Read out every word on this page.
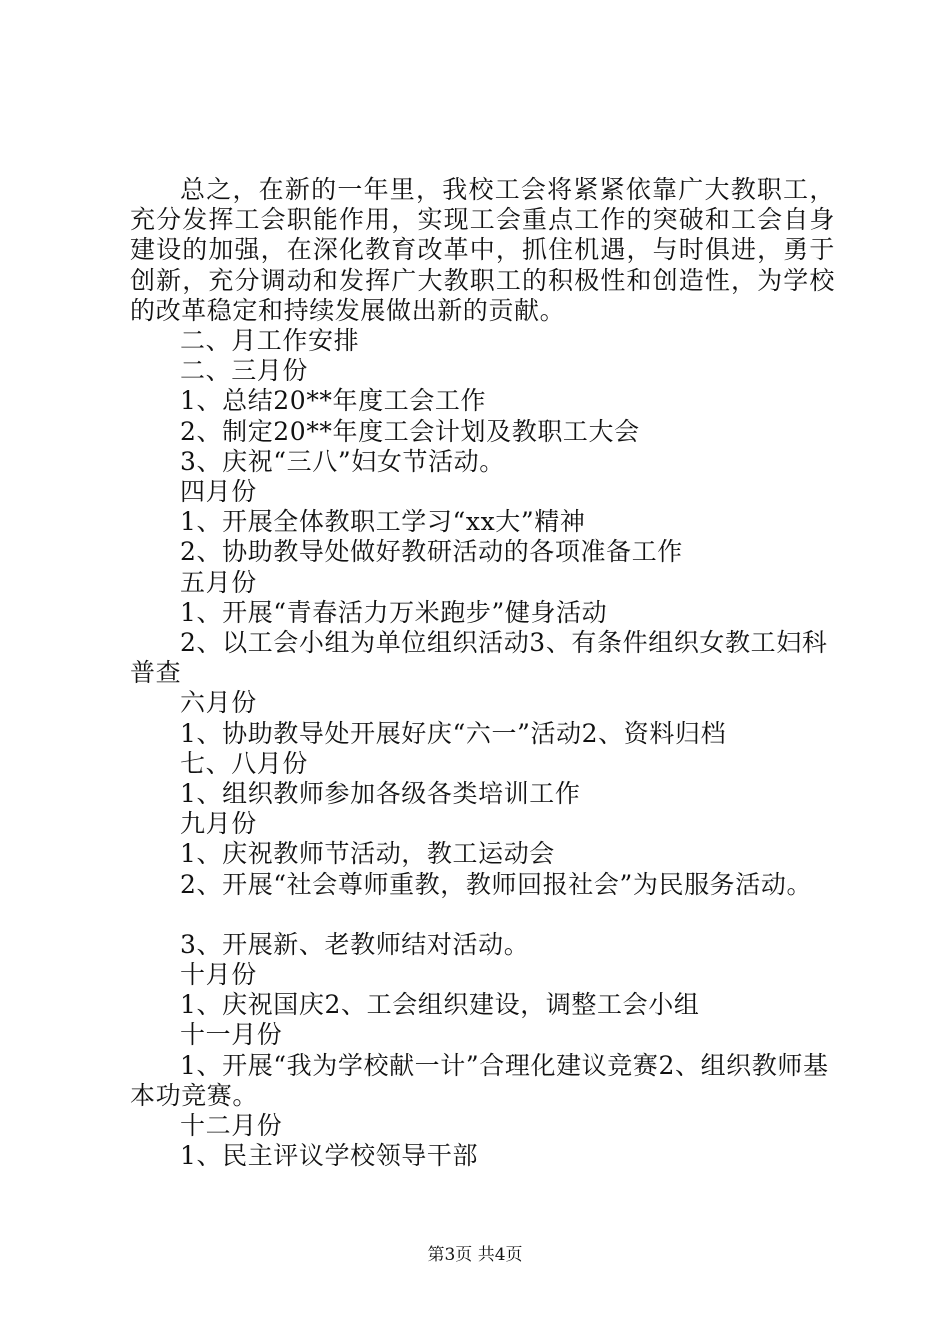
总之，在新的一年里，我校工会将紧紧依靠广大教职工，充分发挥工会职能作用，实现工会重点工作的突破和工会自身建设的加强，在深化教育改革中，抓住机遇，与时俱进，勇于创新，充分调动和发挥广大教职工的积极性和创造性，为学校的改革稳定和持续发展做出新的贡献。

二、月工作安排

二、三月份

1、总结20**年度工会工作

2、制定20**年度工会计划及教职工大会

3、庆祝“三八”妇女节活动。

四月份

1、开展全体教职工学习“xx大”精神

2、协助教导处做好教研活动的各项准备工作

五月份

1、开展“青春活力万米跑步”健身活动

2、以工会小组为单位组织活动3、有条件组织女教工妇科普查

六月份

1、协助教导处开展好庆“六一”活动2、资料归档

七、八月份

1、组织教师参加各级各类培训工作

九月份

1、庆祝教师节活动，教工运动会

2、开展“社会尊师重教，教师回报社会”为民服务活动。

3、开展新、老教师结对活动。

十月份

1、庆祝国庆2、工会组织建设，调整工会小组

十一月份

1、开展“我为学校献一计”合理化建议竞赛2、组织教师基本功竞赛。

十二月份

1、民主评议学校领导干部

第3页 共4页
